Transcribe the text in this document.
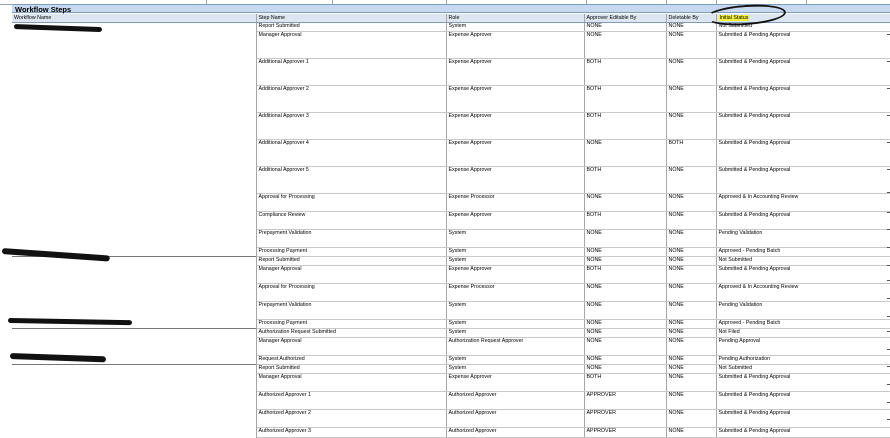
Workflow Steps
Workflow Name	Step Name	Role	Approver Editable By	Deletable By	Initial Status
	Report Submitted	System	NONE	NONE	Not Submitted
	Manager Approval	Expense Approver	NONE	NONE	Submitted & Pending Approval
	Additional Approver 1	Expense Approver	BOTH	NONE	Submitted & Pending Approval
	Additional Approver 2	Expense Approver	BOTH	NONE	Submitted & Pending Approval
	Additional Approver 3	Expense Approver	BOTH	NONE	Submitted & Pending Approval
	Additional Approver 4	Expense Approver	NONE	BOTH	Submitted & Pending Approval
	Additional Approver 5	Expense Approver	BOTH	NONE	Submitted & Pending Approval
	Approval for Processing	Expense Processor	NONE	NONE	Approved & In Accounting Review
	Compliance Review	Expense Approver	BOTH	NONE	Submitted & Pending Approval
	Prepayment Validation	System	NONE	NONE	Pending Validation
	Processing Payment	System	NONE	NONE	Approved - Pending Batch
	Report Submitted	System	NONE	NONE	Not Submitted
	Manager Approval	Expense Approver	BOTH	NONE	Submitted & Pending Approval
	Approval for Processing	Expense Processor	NONE	NONE	Approved & In Accounting Review
	Prepayment Validation	System	NONE	NONE	Pending Validation
	Processing Payment	System	NONE	NONE	Approved - Pending Batch
	Authorization Request Submitted	System	NONE	NONE	Not Filed
	Manager Approval	Authorization Request Approver	NONE	NONE	Pending Approval
	Request Authorized	System	NONE	NONE	Pending Authorization
	Report Submitted	System	NONE	NONE	Not Submitted
	Manager Approval	Expense Approver	BOTH	NONE	Submitted & Pending Approval
	Authorized Approver 1	Authorized Approver	APPROVER	NONE	Submitted & Pending Approval
	Authorized Approver 2	Authorized Approver	APPROVER	NONE	Submitted & Pending Approval
	Authorized Approver 3	Authorized Approver	APPROVER	NONE	Submitted & Pending Approval
